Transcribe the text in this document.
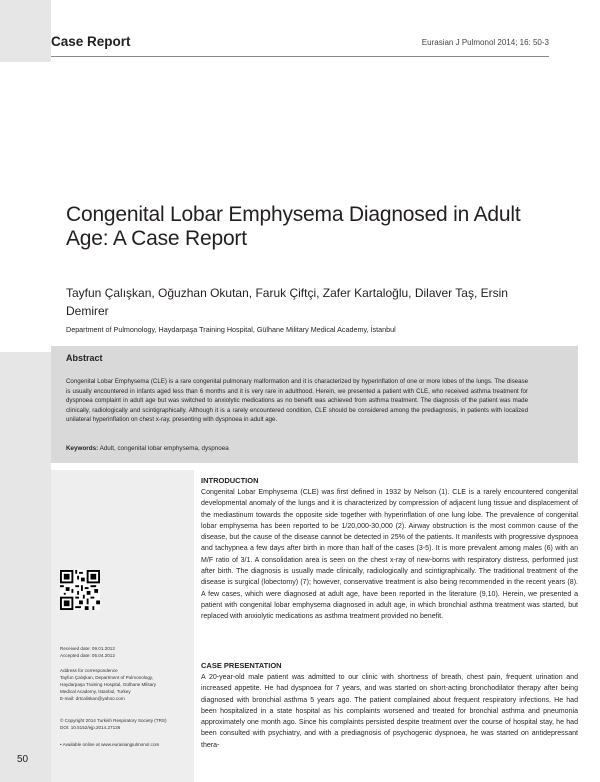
Case Report	Eurasian J Pulmonol 2014; 16: 50-3
Congenital Lobar Emphysema Diagnosed in Adult Age: A Case Report
Tayfun Çalışkan, Oğuzhan Okutan, Faruk Çiftçi, Zafer Kartaloğlu, Dilaver Taş, Ersin Demirer
Department of Pulmonology, Haydarpaşa Training Hospital, Gülhane Military Medical Academy, İstanbul
Abstract
Congenital Lobar Emphysema (CLE) is a rare congenital pulmonary malformation and it is characterized by hyperinflation of one or more lobes of the lungs. The disease is usually encountered in infants aged less than 6 months and it is very rare in adulthood. Herein, we presented a patient with CLE, who received asthma treatment for dyspnoea complaint in adult age but was switched to anxiolytic medications as no benefit was achieved from asthma treatment. The diagnosis of the patient was made clinically, radiologically and scintigraphically. Although it is a rarely encountered condition, CLE should be considered among the prediagnosis, in patients with localized unilateral hyperinflation on chest x-ray, presenting with dyspnoea in adult age.
Keywords: Adult, congenital lobar emphysema, dyspnoea
Received date: 09.01.2012
Accepted date: 05.04.2012
Address for correspondence
Tayfun Çalışkan, Department of Pulmonology,
Haydarpaşa Training Hospital, Gülhane Military
Medical Academy, İstanbul, Turkey
E-mail: drtcaliskan@yahoo.com
© Copyright 2014 Turkish Respiratory Society (TRS)
DOI: 10.5152/ejp.2014.27136
• Available online at www.eurasianjpulmonol.com
INTRODUCTION
Congenital Lobar Emphysema (CLE) was first defined in 1932 by Nelson (1). CLE is a rarely encountered congenital developmental anomaly of the lungs and it is characterized by compression of adjacent lung tissue and displacement of the mediastinum towards the opposite side together with hyperinflation of one lung lobe. The prevalence of congenital lobar emphysema has been reported to be 1/20,000-30,000 (2). Airway obstruction is the most common cause of the disease, but the cause of the disease cannot be detected in 25% of the patients. It manifests with progressive dyspnoea and tachypnea a few days after birth in more than half of the cases (3-5). It is more prevalent among males (6) with an M/F ratio of 3/1. A consolidation area is seen on the chest x-ray of new-borns with respiratory distress, performed just after birth. The diagnosis is usually made clinically, radiologically and scintigraphically. The traditional treatment of the disease is surgical (lobectomy) (7); however, conservative treatment is also being recommended in the recent years (8). A few cases, which were diagnosed at adult age, have been reported in the literature (9,10). Herein, we presented a patient with congenital lobar emphysema diagnosed in adult age, in which bronchial asthma treatment was started, but replaced with anxiolytic medications as asthma treatment provided no benefit.
CASE PRESENTATION
A 20-year-old male patient was admitted to our clinic with shortness of breath, chest pain, frequent urination and increased appetite. He had dyspnoea for 7 years, and was started on short-acting bronchodilator therapy after being diagnosed with bronchial asthma 5 years ago. The patient complained about frequent respiratory infections. He had been hospitalized in a state hospital as his complaints worsened and treated for bronchial asthma and pneumonia approximately one month ago. Since his complaints persisted despite treatment over the course of hospital stay, he had been consulted with psychiatry, and with a prediagnosis of psychogenic dyspnoea, he was started on antidepressant thera-
50
